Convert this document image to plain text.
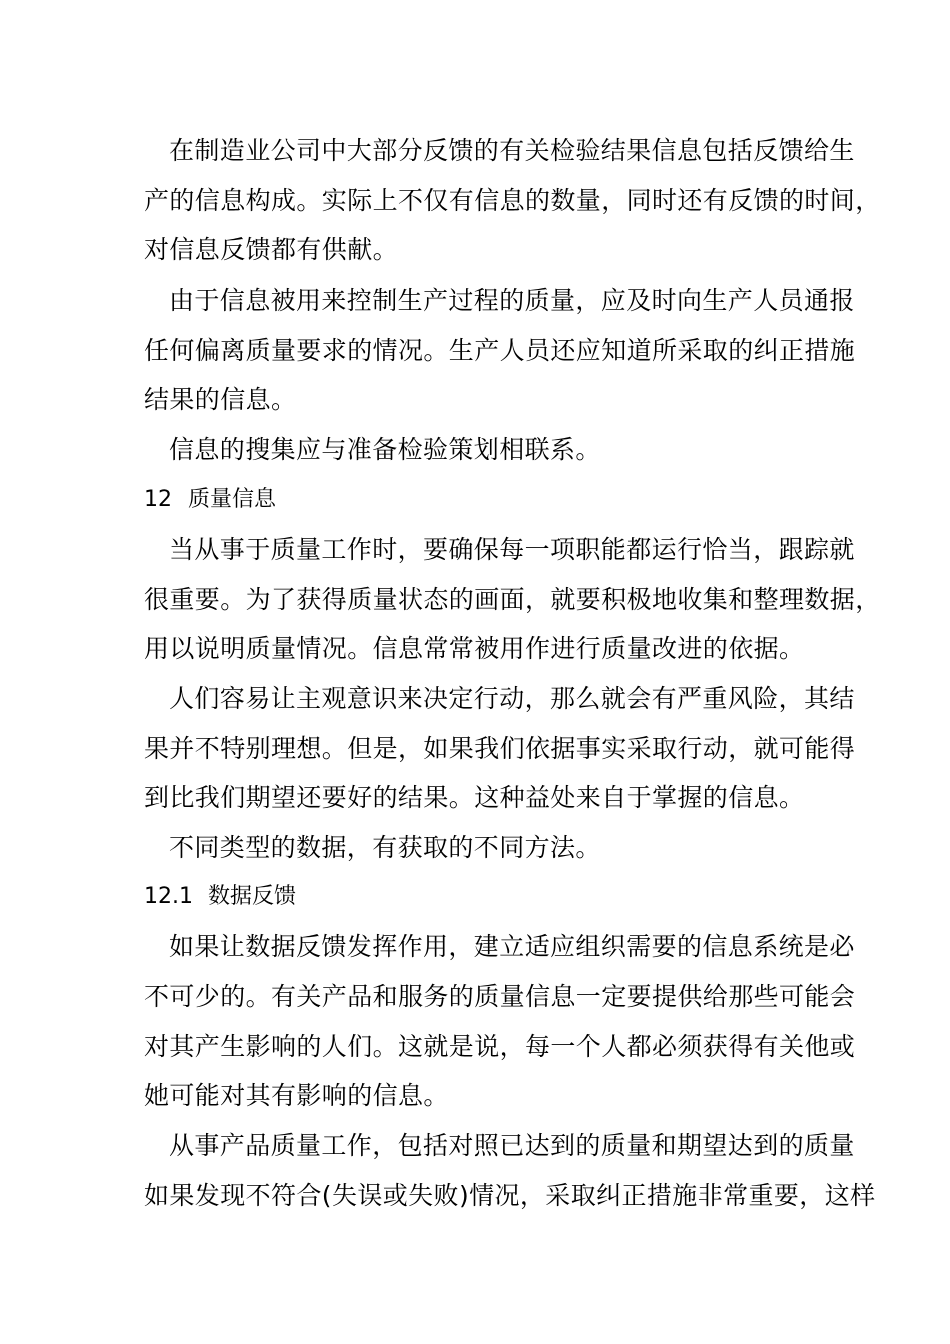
在制造业公司中大部分反馈的有关检验结果信息包括反馈给生
产的信息构成。实际上不仅有信息的数量，同时还有反馈的时间，
对信息反馈都有供献。
由于信息被用来控制生产过程的质量，应及时向生产人员通报
任何偏离质量要求的情况。生产人员还应知道所采取的纠正措施
结果的信息。
信息的搜集应与准备检验策划相联系。
12 质量信息
当从事于质量工作时，要确保每一项职能都运行恰当，跟踪就
很重要。为了获得质量状态的画面，就要积极地收集和整理数据，
用以说明质量情况。信息常常被用作进行质量改进的依据。
人们容易让主观意识来决定行动，那么就会有严重风险，其结
果并不特别理想。但是，如果我们依据事实采取行动，就可能得
到比我们期望还要好的结果。这种益处来自于掌握的信息。
不同类型的数据，有获取的不同方法。
12.1 数据反馈
如果让数据反馈发挥作用，建立适应组织需要的信息系统是必
不可少的。有关产品和服务的质量信息一定要提供给那些可能会
对其产生影响的人们。这就是说，每一个人都必须获得有关他或
她可能对其有影响的信息。
从事产品质量工作，包括对照已达到的质量和期望达到的质量
如果发现不符合(失误或失败)情况，采取纠正措施非常重要，这样
